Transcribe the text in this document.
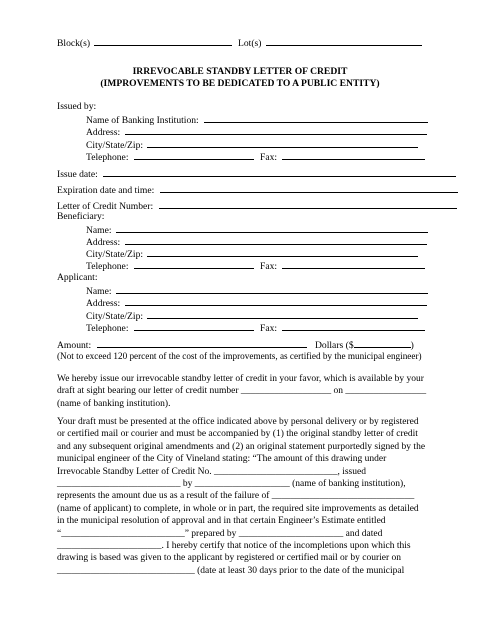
Block(s)	Lot(s)
IRREVOCABLE STANDBY LETTER OF CREDIT
(IMPROVEMENTS TO BE DEDICATED TO A PUBLIC ENTITY)
Issued by:
Name of Banking Institution:
Address:
City/State/Zip:
Telephone:	Fax:
Issue date:
Expiration date and time:
Letter of Credit Number:
Beneficiary:
Name:
Address:
City/State/Zip:
Telephone:	Fax:
Applicant:
Name:
Address:
City/State/Zip:
Telephone:	Fax:
Amount:	Dollars ($	)
(Not to exceed 120 percent of the cost of the improvements, as certified by the municipal engineer)

We hereby issue our irrevocable standby letter of credit in your favor, which is available by your

draft at sight bearing our letter of credit number ___________________ on _________________

(name of banking institution).

Your draft must be presented at the office indicated above by personal delivery or by registered

or certified mail or courier and must be accompanied by (1) the original standby letter of credit

and any subsequent original amendments and (2) an original statement purportedly signed by the

municipal engineer of the City of Vineland stating: “The amount of this drawing under

Irrevocable Standby Letter of Credit No. __________________________, issued

__________________________ by ____________________ (name of banking institution),

represents the amount due us as a result of the failure of ______________________________

(name of applicant) to complete, in whole or in part, the required site improvements as detailed

in the municipal resolution of approval and in that certain Engineer’s Estimate entitled

“__________________________” prepared by ______________________ and dated

______________________. I hereby certify that notice of the incompletions upon which this

drawing is based was given to the applicant by registered or certified mail or by courier on

_____________________________ (date at least 30 days prior to the date of the municipal
